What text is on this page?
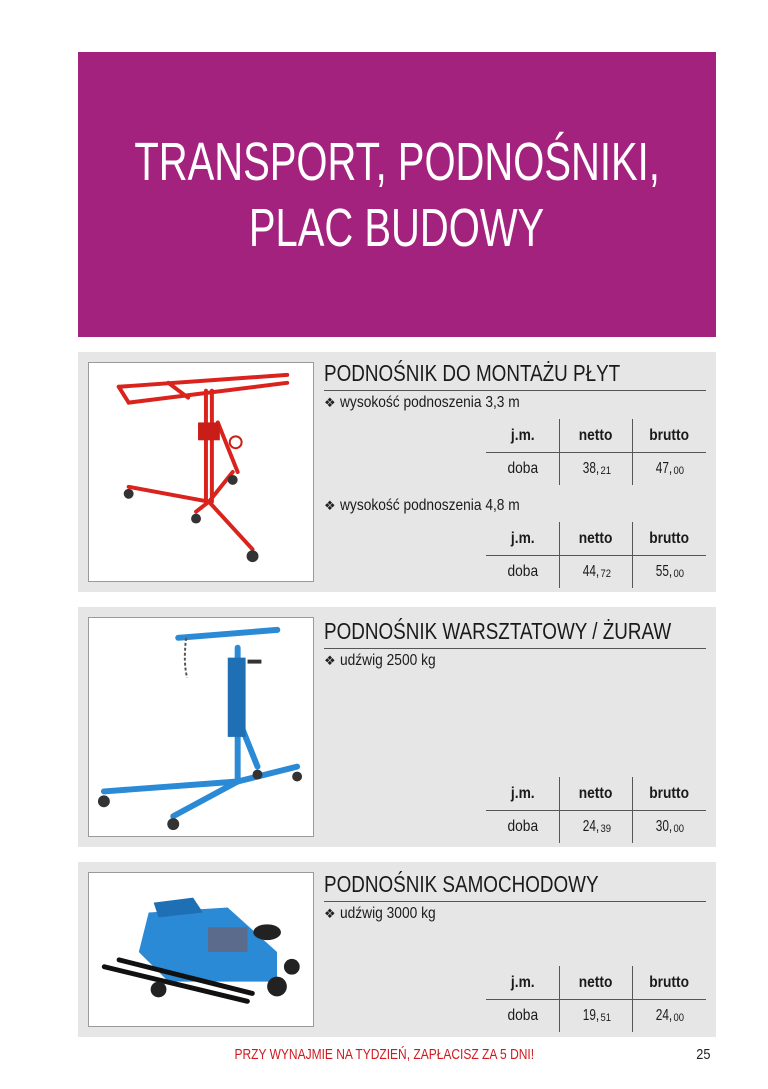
TRANSPORT, PODNOŚNIKI,
PLAC BUDOWY
PODNOŚNIK DO MONTAŻU PŁYT
❖ wysokość podnoszenia 3,3 m
j.m.	netto brutto
doba	$38,_{21}$	$47,_{00}$
❖ wysokość podnoszenia 4,8 m
j.m.	netto brutto
doba	$44,_{72}$	$55,_{00}$
PODNOŚNIK WARSZTATOWY / ŻURAW
❖ udźwig 2500 kg
j.m.	netto brutto
doba	$24,_{39}$	$30,_{00}$
PODNOŚNIK SAMOCHODOWY
❖ udźwig 3000 kg
j.m.	netto brutto
doba	$19,_{51}$	$24,_{00}$
PRZY WYNAJMIE NA TYDZIEŃ, ZAPŁACISZ ZA 5 DNI!	25
